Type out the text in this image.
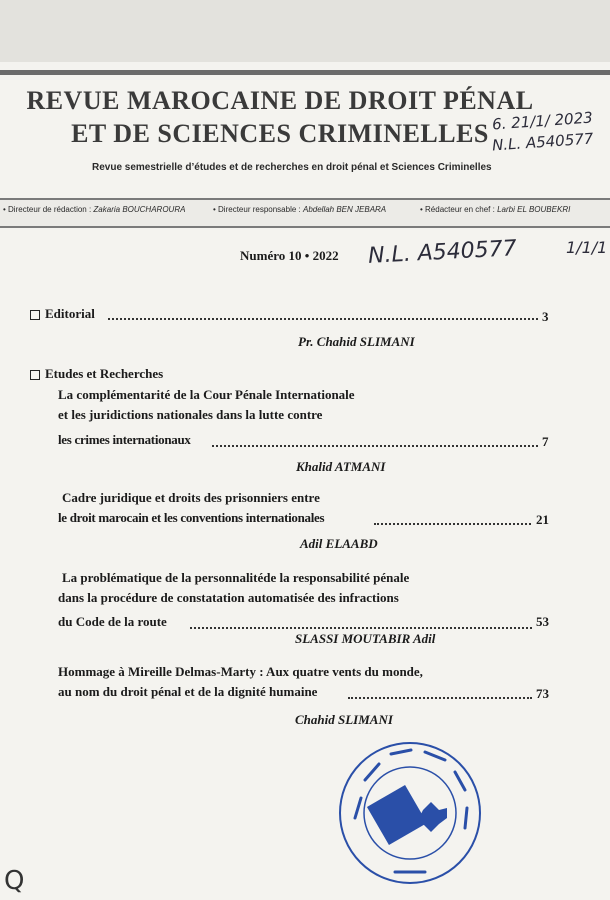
REVUE MAROCAINE DE DROIT PÉNAL
ET DE SCIENCES CRIMINELLES
Revue semestrielle d’études et de recherches en droit pénal et Sciences Criminelles
6. 21/1/ 2023
N.L. A540577
• Directeur de rédaction : Zakaria BOUCHAROURA	• Directeur responsable : Abdellah BEN JEBARA	• Rédacteur en chef : Larbi EL BOUBEKRI
Numéro 10 • 2022 N.L. A540577	1/1/1
Editorial	3
Pr. Chahid SLIMANI
Etudes et Recherches
La complémentarité de la Cour Pénale Internationale
et les juridictions nationales dans la lutte contre
les crimes internationaux	7
Khalid ATMANI
Cadre juridique et droits des prisonniers entre
le droit marocain et les conventions internationales	21
Adil ELAABD
La problématique de la personnalitéde la responsabilité pénale
dans la procédure de constatation automatisée des infractions
du Code de la route	53
SLASSI MOUTABIR Adil
Hommage à Mireille Delmas-Marty : Aux quatre vents du monde,
au nom du droit pénal et de la dignité humaine	73
Chahid SLIMANI
Q
